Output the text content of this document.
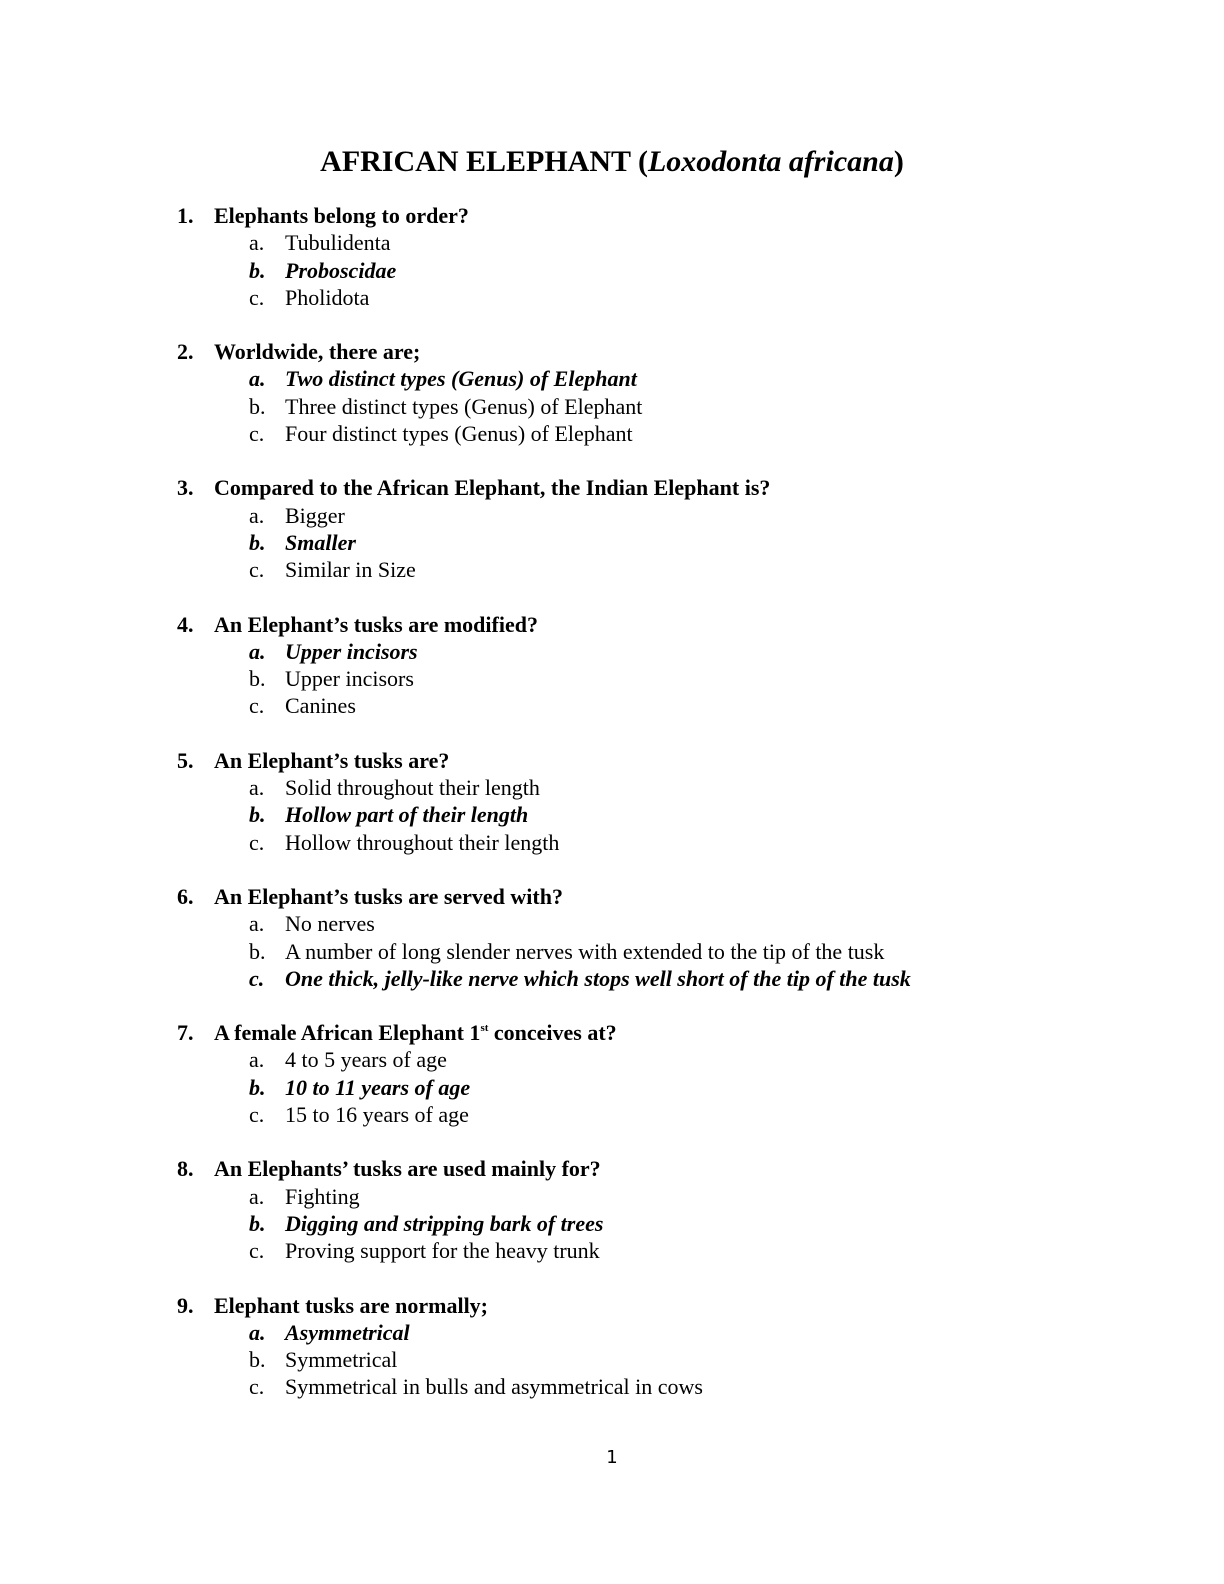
AFRICAN ELEPHANT (Loxodonta africana)
1. Elephants belong to order?
a. Tubulidenta
b. Proboscidae
c. Pholidota
2. Worldwide, there are;
a. Two distinct types (Genus) of Elephant
b. Three distinct types (Genus) of Elephant
c. Four distinct types (Genus) of Elephant
3. Compared to the African Elephant, the Indian Elephant is?
a. Bigger
b. Smaller
c. Similar in Size
4. An Elephant’s tusks are modified?
a. Upper incisors
b. Upper incisors
c. Canines
5. An Elephant’s tusks are?
a. Solid throughout their length
b. Hollow part of their length
c. Hollow throughout their length
6. An Elephant’s tusks are served with?
a. No nerves
b. A number of long slender nerves with extended to the tip of the tusk
c. One thick, jelly-like nerve which stops well short of the tip of the tusk
7. A female African Elephant 1st conceives at?
a. 4 to 5 years of age
b. 10 to 11 years of age
c. 15 to 16 years of age
8. An Elephants’ tusks are used mainly for?
a. Fighting
b. Digging and stripping bark of trees
c. Proving support for the heavy trunk
9. Elephant tusks are normally;
a. Asymmetrical
b. Symmetrical
c. Symmetrical in bulls and asymmetrical in cows
1
